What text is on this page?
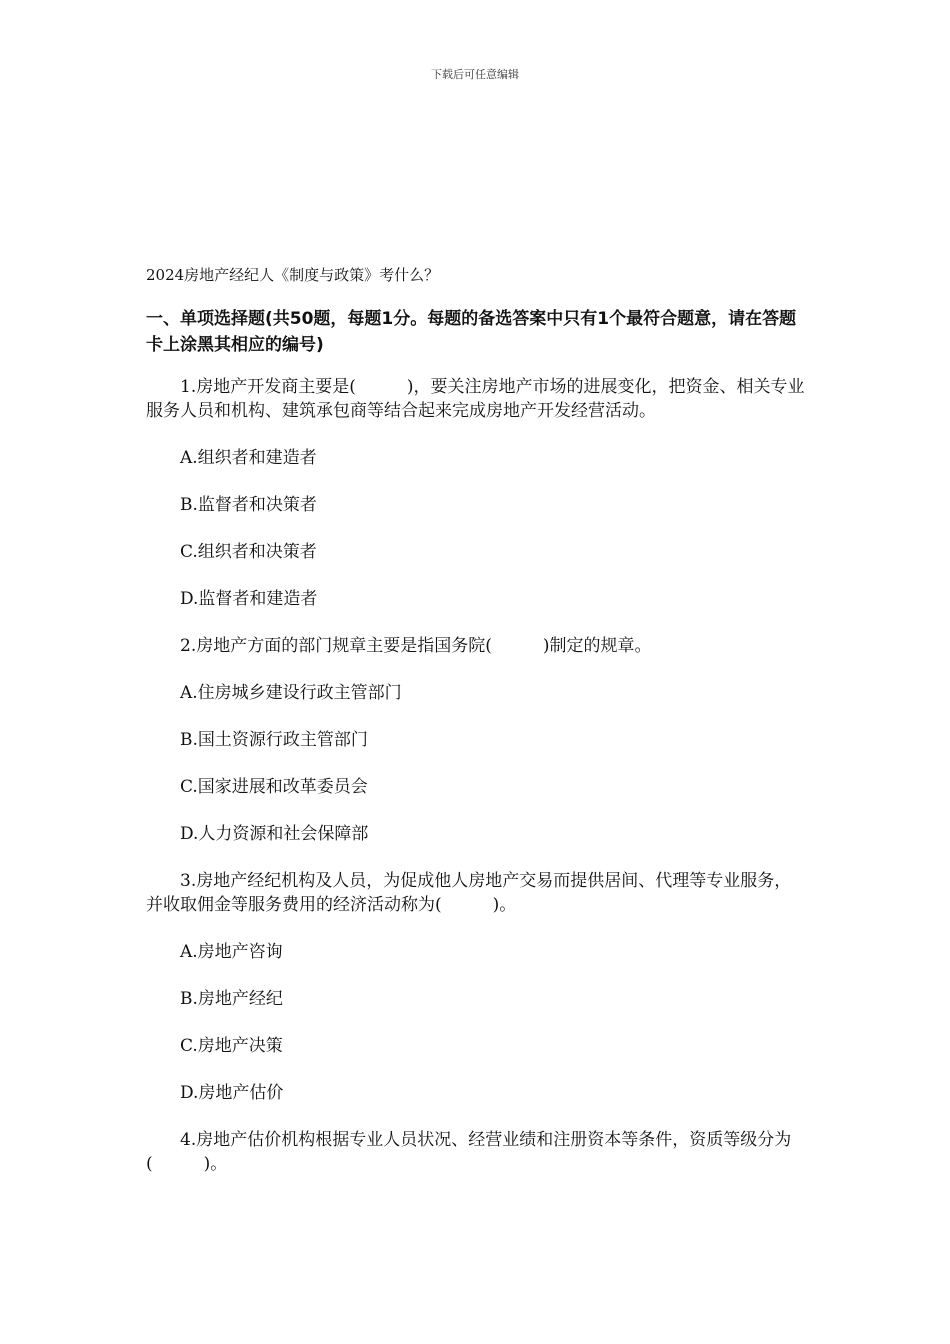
下载后可任意编辑

2024房地产经纪人《制度与政策》考什么？

一、单项选择题(共50题，每题1分。每题的备选答案中只有1个最符合题意，请在答题卡上涂黑其相应的编号)

1.房地产开发商主要是(　　　)，要关注房地产市场的进展变化，把资金、相关专业服务人员和机构、建筑承包商等结合起来完成房地产开发经营活动。

A.组织者和建造者

B.监督者和决策者

C.组织者和决策者

D.监督者和建造者

2.房地产方面的部门规章主要是指国务院(　　　)制定的规章。

A.住房城乡建设行政主管部门

B.国土资源行政主管部门

C.国家进展和改革委员会

D.人力资源和社会保障部

3.房地产经纪机构及人员，为促成他人房地产交易而提供居间、代理等专业服务，并收取佣金等服务费用的经济活动称为(　　　)。

A.房地产咨询

B.房地产经纪

C.房地产决策

D.房地产估价

4.房地产估价机构根据专业人员状况、经营业绩和注册资本等条件，资质等级分为(　　　)。
